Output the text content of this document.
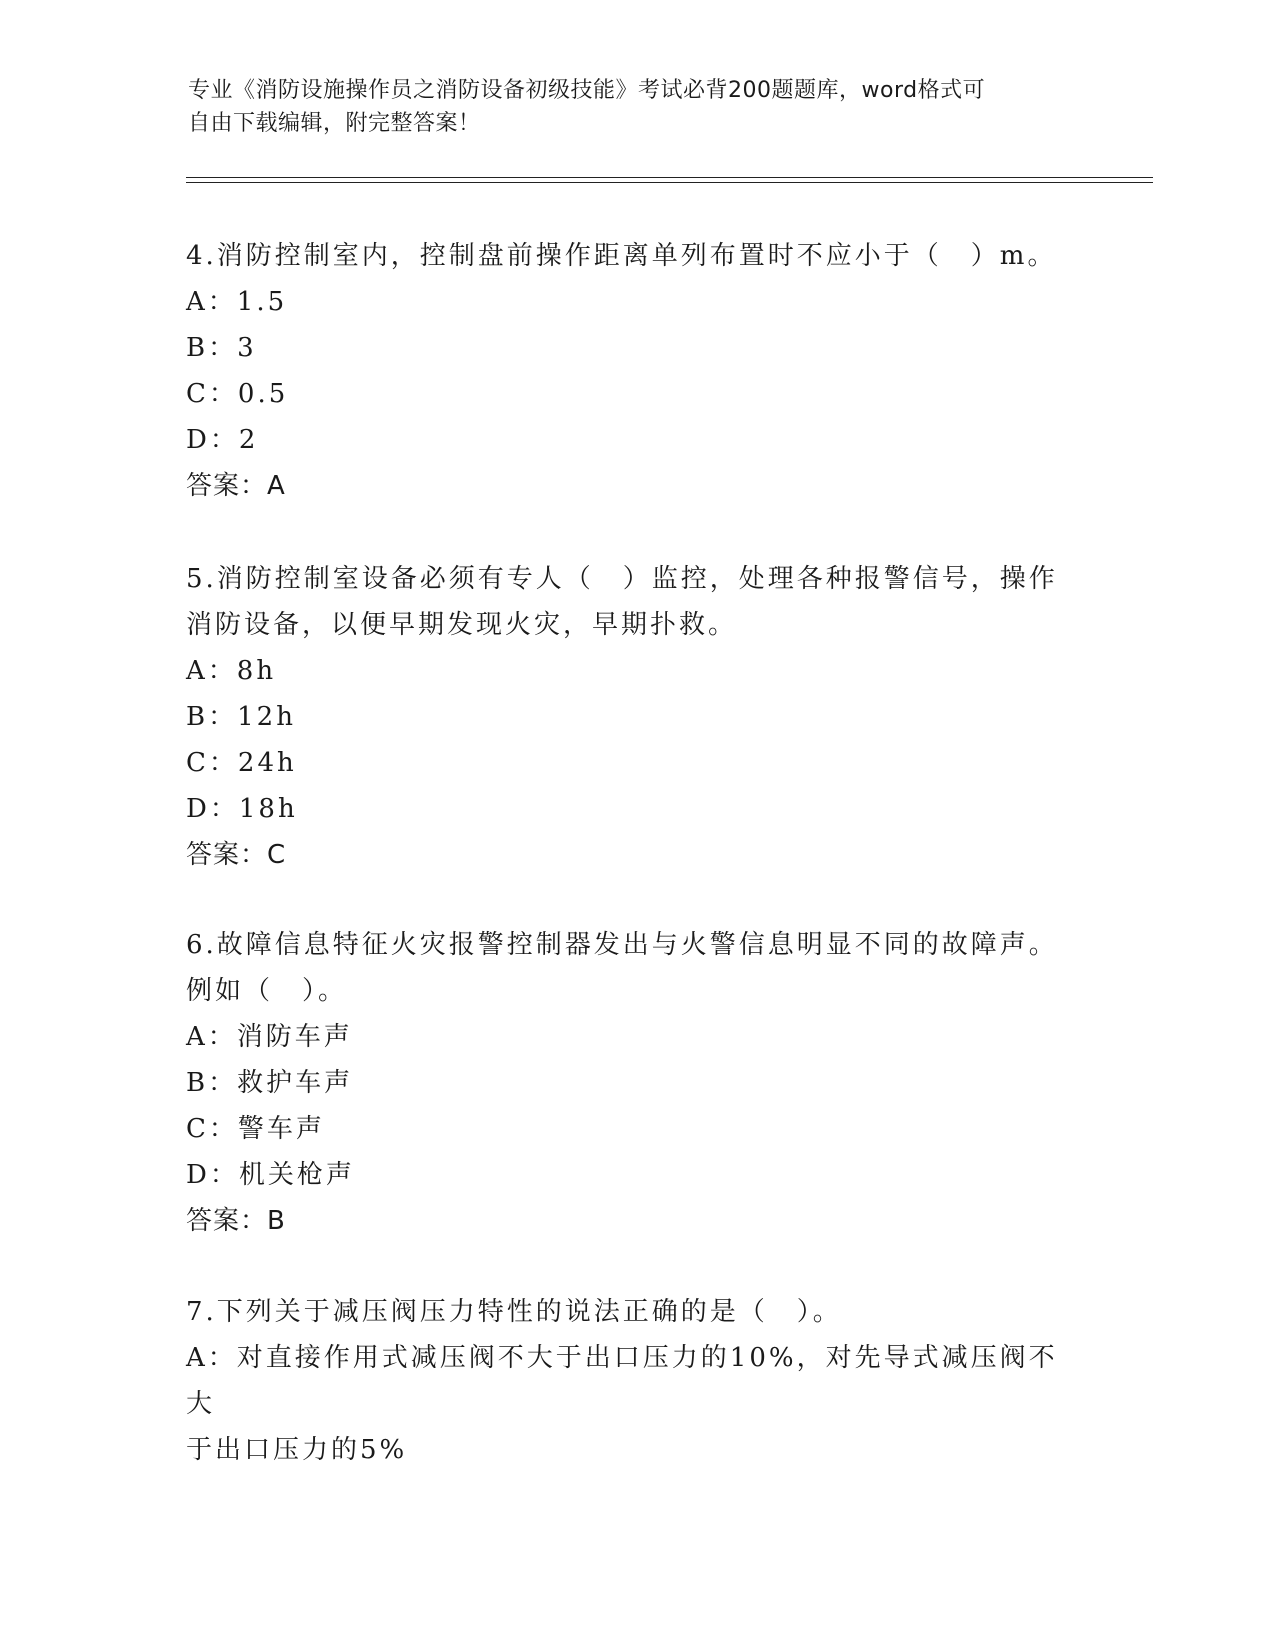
专业《消防设施操作员之消防设备初级技能》考试必背200题题库，word格式可
自由下载编辑，附完整答案！

4.消防控制室内，控制盘前操作距离单列布置时不应小于（　）m。

A：1.5

B：3

C：0.5

D：2

答案：A

5.消防控制室设备必须有专人（　）监控，处理各种报警信号，操作

消防设备，以便早期发现火灾，早期扑救。

A：8h

B：12h

C：24h

D：18h

答案：C

6.故障信息特征火灾报警控制器发出与火警信息明显不同的故障声。

例如（　）。

A：消防车声

B：救护车声

C：警车声

D：机关枪声

答案：B

7.下列关于减压阀压力特性的说法正确的是（　）。

A：对直接作用式减压阀不大于出口压力的10%，对先导式减压阀不大

于出口压力的5%
